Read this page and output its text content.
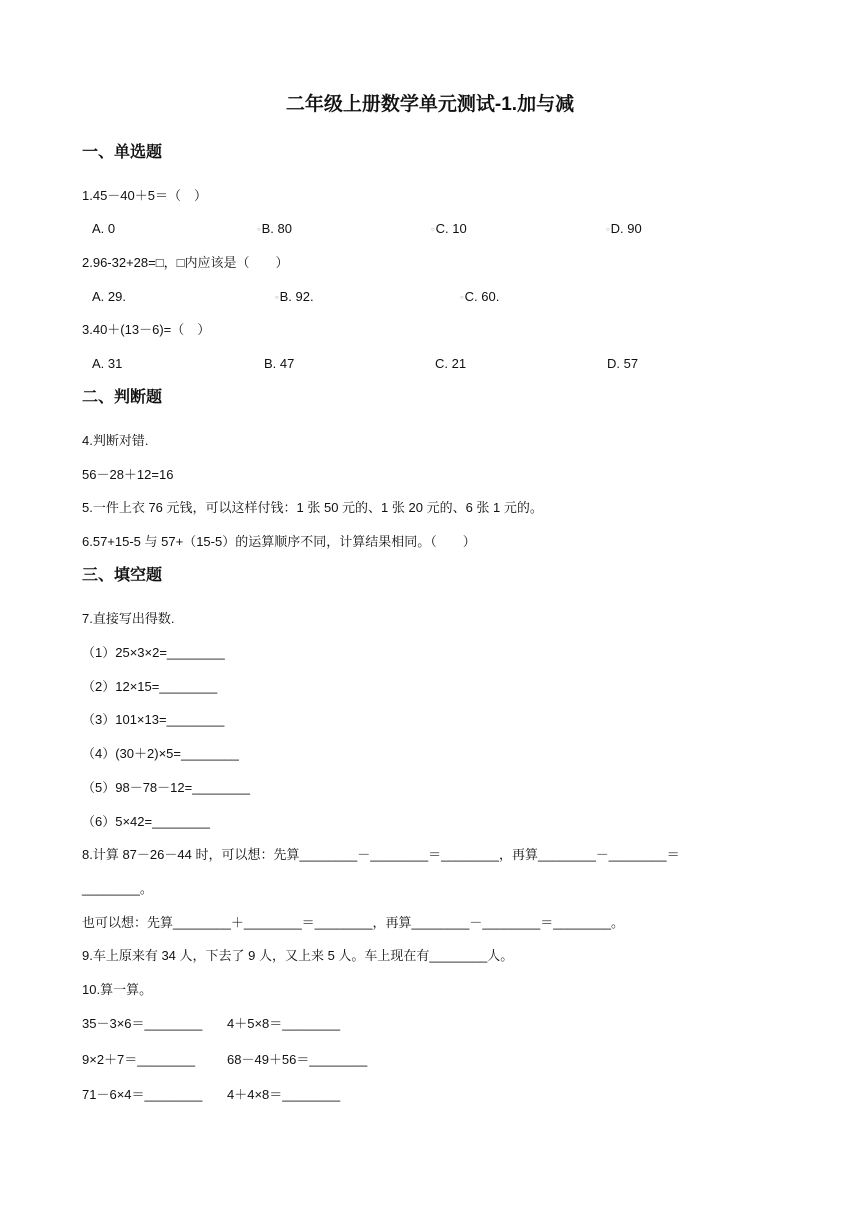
二年级上册数学单元测试-1.加与减
一、单选题
1.45－40＋5＝（　）
A. 0	○B. 80	○C. 10	○D. 90
2.96-32+28=□，□内应该是（　　）
A. 29.	○B. 92.	○C. 60.
3.40＋(13－6)=（　）
A. 31	B. 47	C. 21	D. 57
二、判断题
4.判断对错.
56－28＋12=16
5.一件上衣 76 元钱，可以这样付钱：1 张 50 元的、1 张 20 元的、6 张 1 元的。
6.57+15-5 与 57+（15-5）的运算顺序不同，计算结果相同。（　　）
三、填空题
7.直接写出得数.
（1）25×3×2=________
（2）12×15=________
（3）101×13=________
（4）(30＋2)×5=________
（5）98－78－12=________
（6）5×42=________
8.计算 87－26－44 时，可以想：先算________－________＝________，再算________－________＝
________。
也可以想：先算________＋________＝________，再算________－________＝________。
9.车上原来有 34 人，下去了 9 人，又上来 5 人。车上现在有________人。
10.算一算。
35－3×6＝________ 4＋5×8＝________
9×2＋7＝________ 68－49＋56＝________
71－6×4＝________ 4＋4×8＝________
